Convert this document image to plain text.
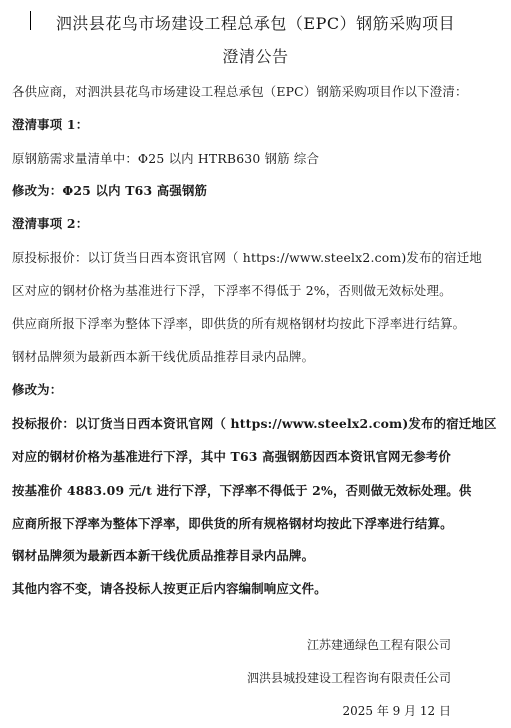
泗洪县花鸟市场建设工程总承包（EPC）钢筋采购项目
澄清公告
各供应商，对泗洪县花鸟市场建设工程总承包（EPC）钢筋采购项目作以下澄清：
澄清事项 1：
原钢筋需求量清单中：Φ25 以内 HTRB630 钢筋 综合
修改为：Φ25 以内 T63 高强钢筋
澄清事项 2：
原投标报价：以订货当日西本资讯官网（ https://www.steelx2.com)发布的宿迁地
区对应的钢材价格为基准进行下浮，下浮率不得低于 2%，否则做无效标处理。
供应商所报下浮率为整体下浮率，即供货的所有规格钢材均按此下浮率进行结算。
钢材品牌须为最新西本新干线优质品推荐目录内品牌。
修改为：
投标报价：以订货当日西本资讯官网（ https://www.steelx2.com)发布的宿迁地区
对应的钢材价格为基准进行下浮，其中 T63 高强钢筋因西本资讯官网无参考价
按基准价 4883.09 元/t 进行下浮，下浮率不得低于 2%，否则做无效标处理。供
应商所报下浮率为整体下浮率，即供货的所有规格钢材均按此下浮率进行结算。
钢材品牌须为最新西本新干线优质品推荐目录内品牌。
其他内容不变，请各投标人按更正后内容编制响应文件。
江苏建通绿色工程有限公司
泗洪县城投建设工程咨询有限责任公司
2025 年 9 月 12 日
